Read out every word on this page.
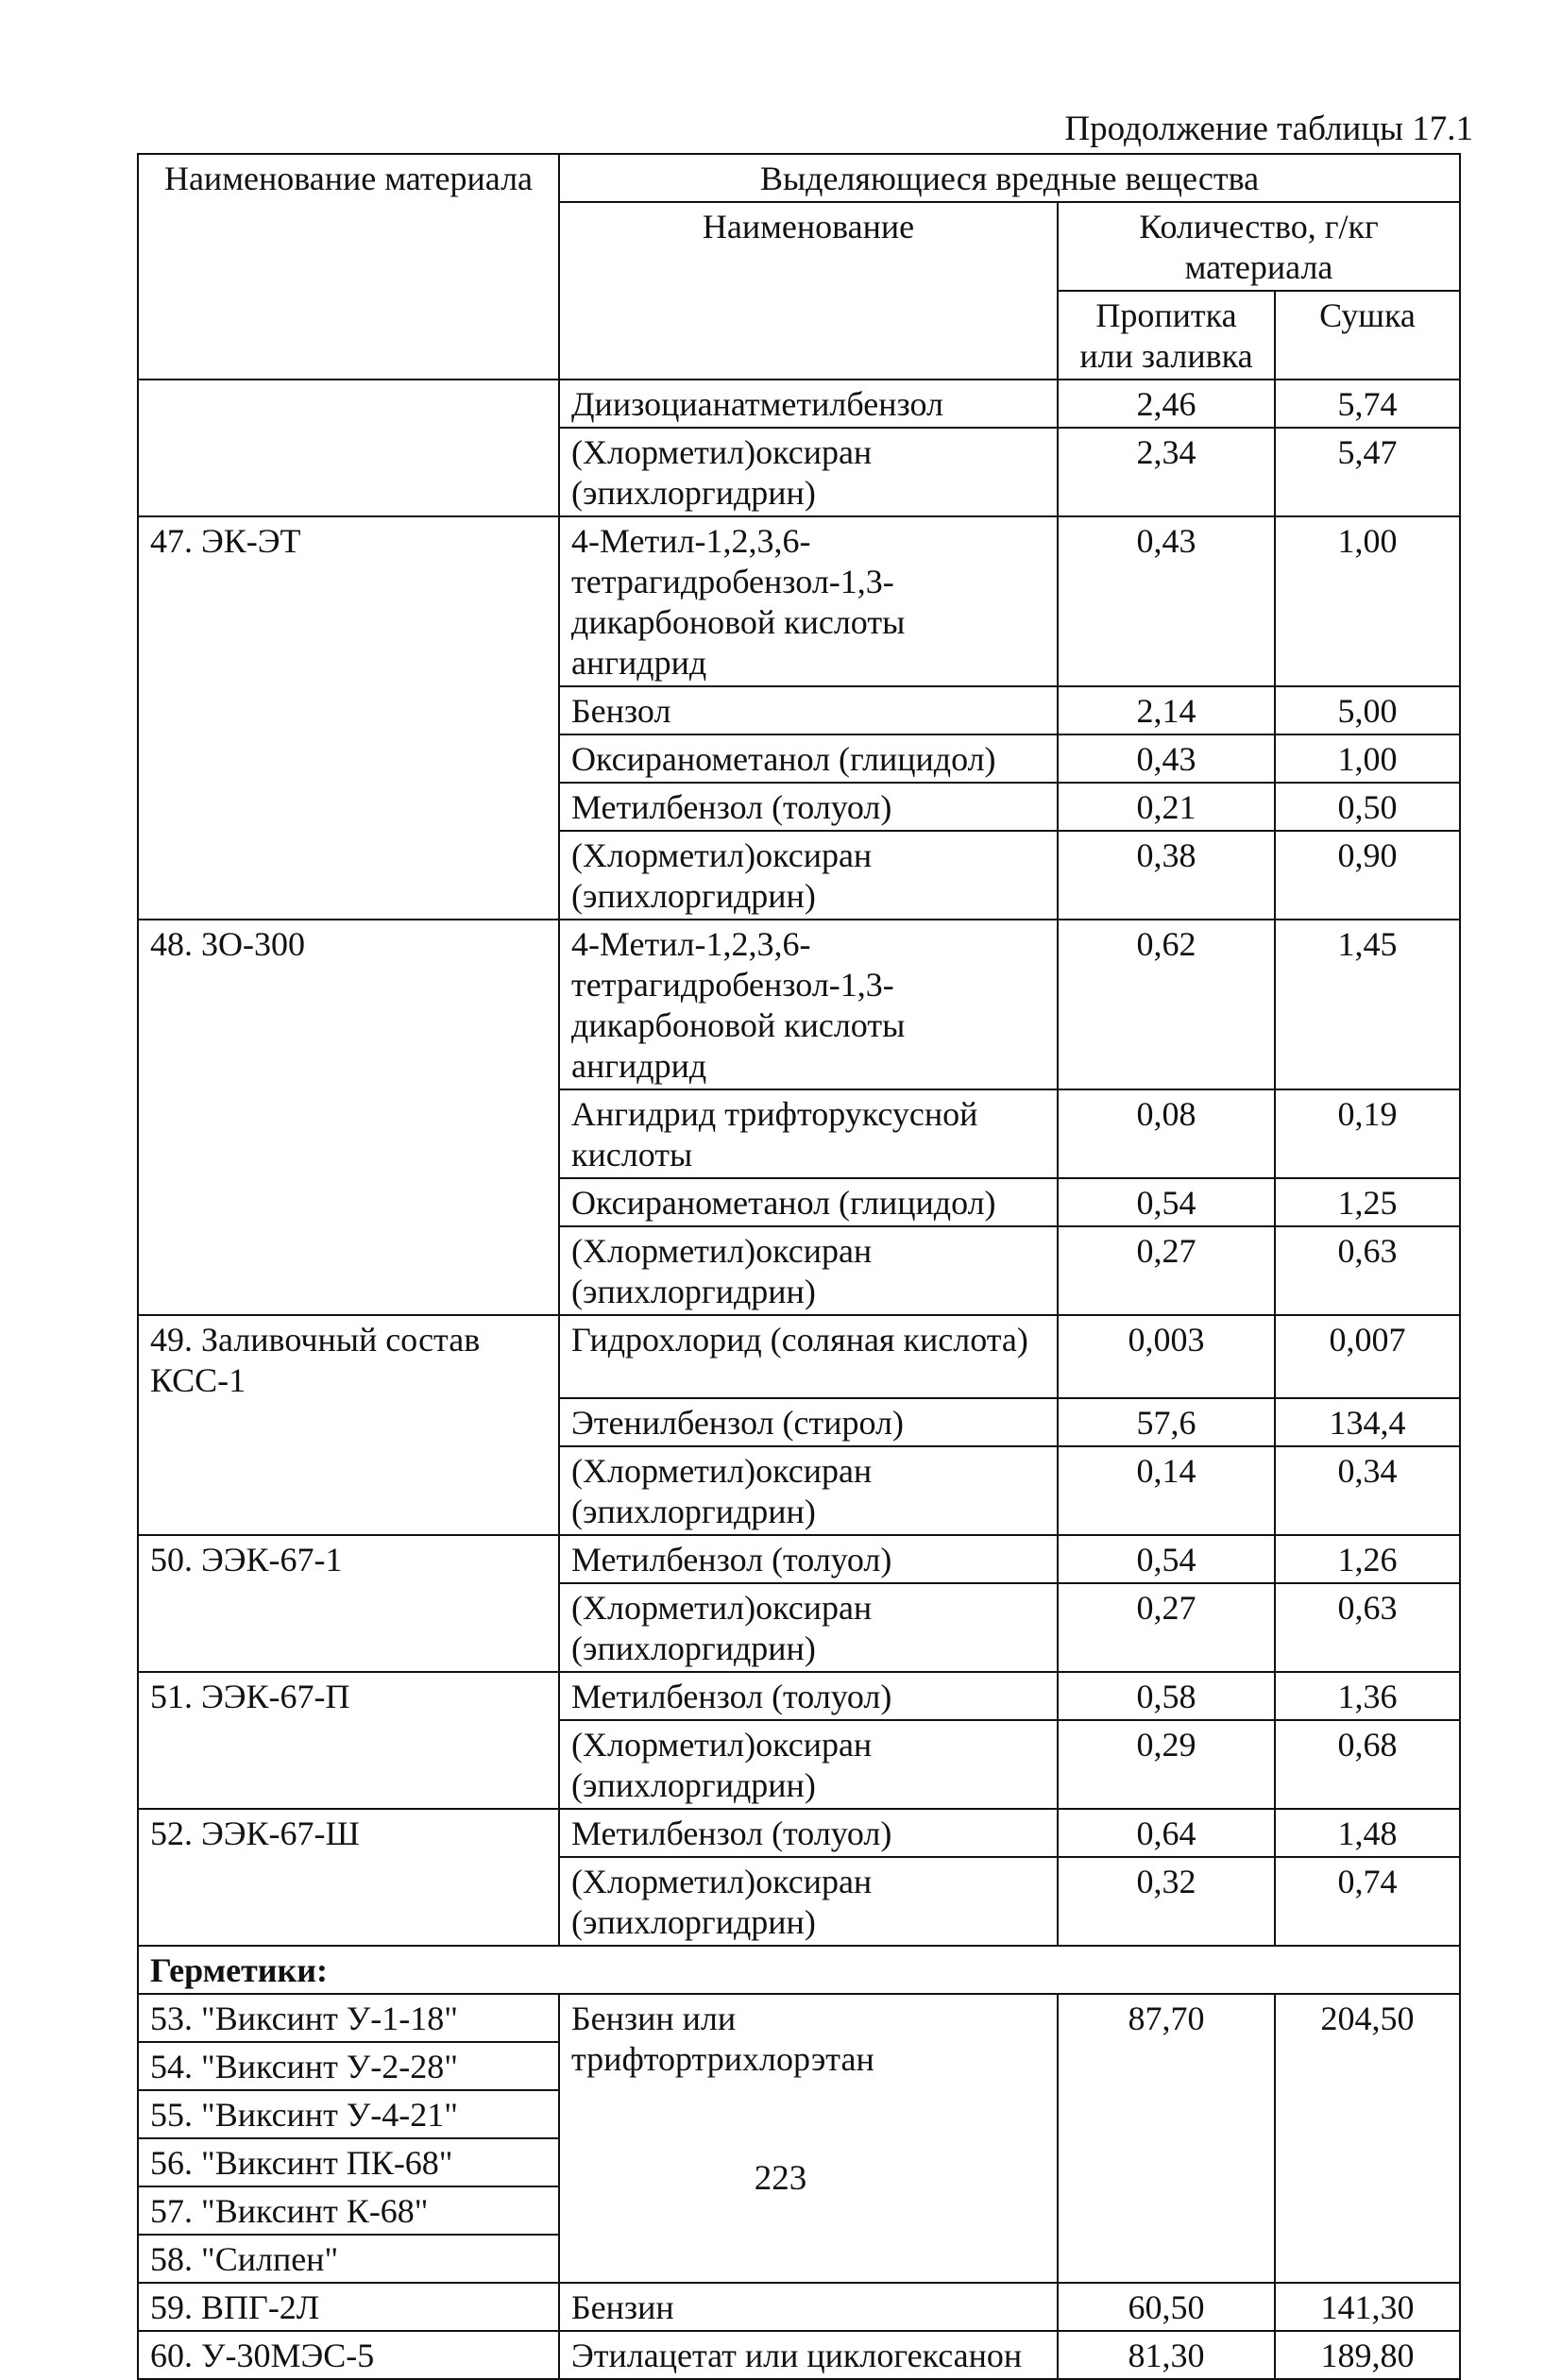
Продолжение таблицы 17.1
Наименование материала	Выделяющиеся вредные вещества		
	Наименование	Количество, г/кг материала	
		Пропитка или заливка	Сушка
	Диизоцианатметилбензол	2,46	5,74
	(Хлорметил)оксиран (эпихлоргидрин)	2,34	5,47
47. ЭК-ЭТ	4-Метил-1,2,3,6-тетрагидробензол-1,3-дикарбоновой кислоты ангидрид	0,43	1,00
	Бензол	2,14	5,00
	Оксиранометанол (глицидол)	0,43	1,00
	Метилбензол (толуол)	0,21	0,50
	(Хлорметил)оксиран (эпихлоргидрин)	0,38	0,90
48. 3О-300	4-Метил-1,2,3,6-тетрагидробензол-1,3-дикарбоновой кислоты ангидрид	0,62	1,45
	Ангидрид трифторуксусной кислоты	0,08	0,19
	Оксиранометанол (глицидол)	0,54	1,25
	(Хлорметил)оксиран (эпихлоргидрин)	0,27	0,63
49. Заливочный состав КСС-1	Гидрохлорид (соляная кислота)	0,003	0,007
	Этенилбензол (стирол)	57,6	134,4
	(Хлорметил)оксиран (эпихлоргидрин)	0,14	0,34
50. ЭЭК-67-1	Метилбензол (толуол)	0,54	1,26
	(Хлорметил)оксиран (эпихлоргидрин)	0,27	0,63
51. ЭЭК-67-П	Метилбензол (толуол)	0,58	1,36
	(Хлорметил)оксиран (эпихлоргидрин)	0,29	0,68
52. ЭЭК-67-Ш	Метилбензол (толуол)	0,64	1,48
	(Хлорметил)оксиран (эпихлоргидрин)	0,32	0,74
Герметики:			
53. "Виксинт У-1-18"	Бензин или трифтортрихлорэтан	87,70	204,50
54. "Виксинт У-2-28"			
55. "Виксинт У-4-21"			
56. "Виксинт ПК-68"			
57. "Виксинт К-68"			
58. "Силпен"			
59. ВПГ-2Л	Бензин	60,50	141,30
60. У-30МЭС-5	Этилацетат или циклогексанон	81,30	189,80
223
